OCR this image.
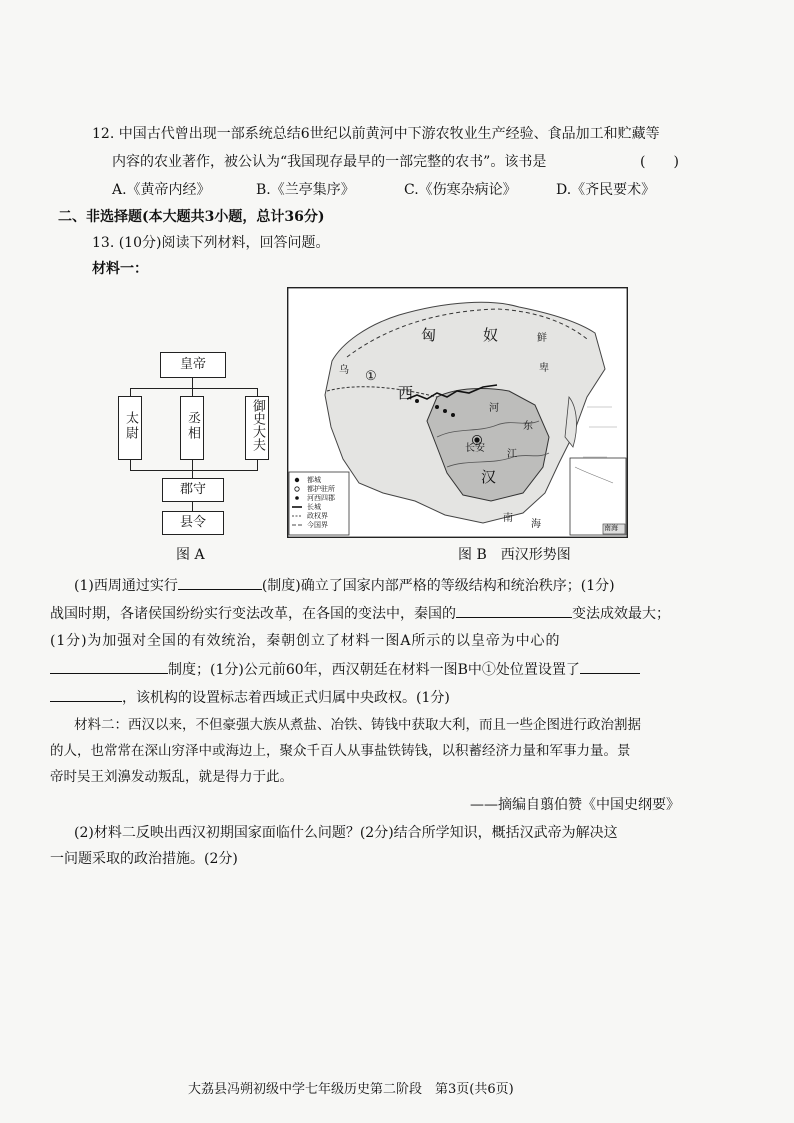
12. 中国古代曾出现一部系统总结6世纪以前黄河中下游农牧业生产经验、食品加工和贮藏等
内容的农业著作，被公认为“我国现存最早的一部完整的农书”。该书是	(　　)
A.《黄帝内经》	B.《兰亭集序》	C.《伤寒杂病论》	D.《齐民要术》
二、非选择题(本大题共3小题，总计36分)
13. (10分)阅读下列材料，回答问题。
材料一：
皇帝
太尉	丞相	御史大夫
郡守
县令
图 A
匈	奴
西
汉
长安
①
鲜
卑
乌
东
河
江
南
海	南海
都城
都护驻所
河西四郡
长城
政权界
今国界
图 B　西汉形势图
(1)西周通过实行	(制度)确立了国家内部严格的等级结构和统治秩序；(1分)
战国时期，各诸侯国纷纷实行变法改革，在各国的变法中，秦国的	变法成效最大；
(1分)为加强对全国的有效统治，秦朝创立了材料一图A所示的以皇帝为中心的
制度；(1分)公元前60年，西汉朝廷在材料一图B中①处位置设置了
，该机构的设置标志着西域正式归属中央政权。(1分)
材料二：西汉以来，不但豪强大族从煮盐、冶铁、铸钱中获取大利，而且一些企图进行政治割据
的人，也常常在深山穷泽中或海边上，聚众千百人从事盐铁铸钱，以积蓄经济力量和军事力量。景
帝时吴王刘濞发动叛乱，就是得力于此。
——摘编自翦伯赞《中国史纲要》
(2)材料二反映出西汉初期国家面临什么问题？(2分)结合所学知识，概括汉武帝为解决这
一问题采取的政治措施。(2分)
大荔县冯朔初级中学七年级历史第二阶段　第3页(共6页)
